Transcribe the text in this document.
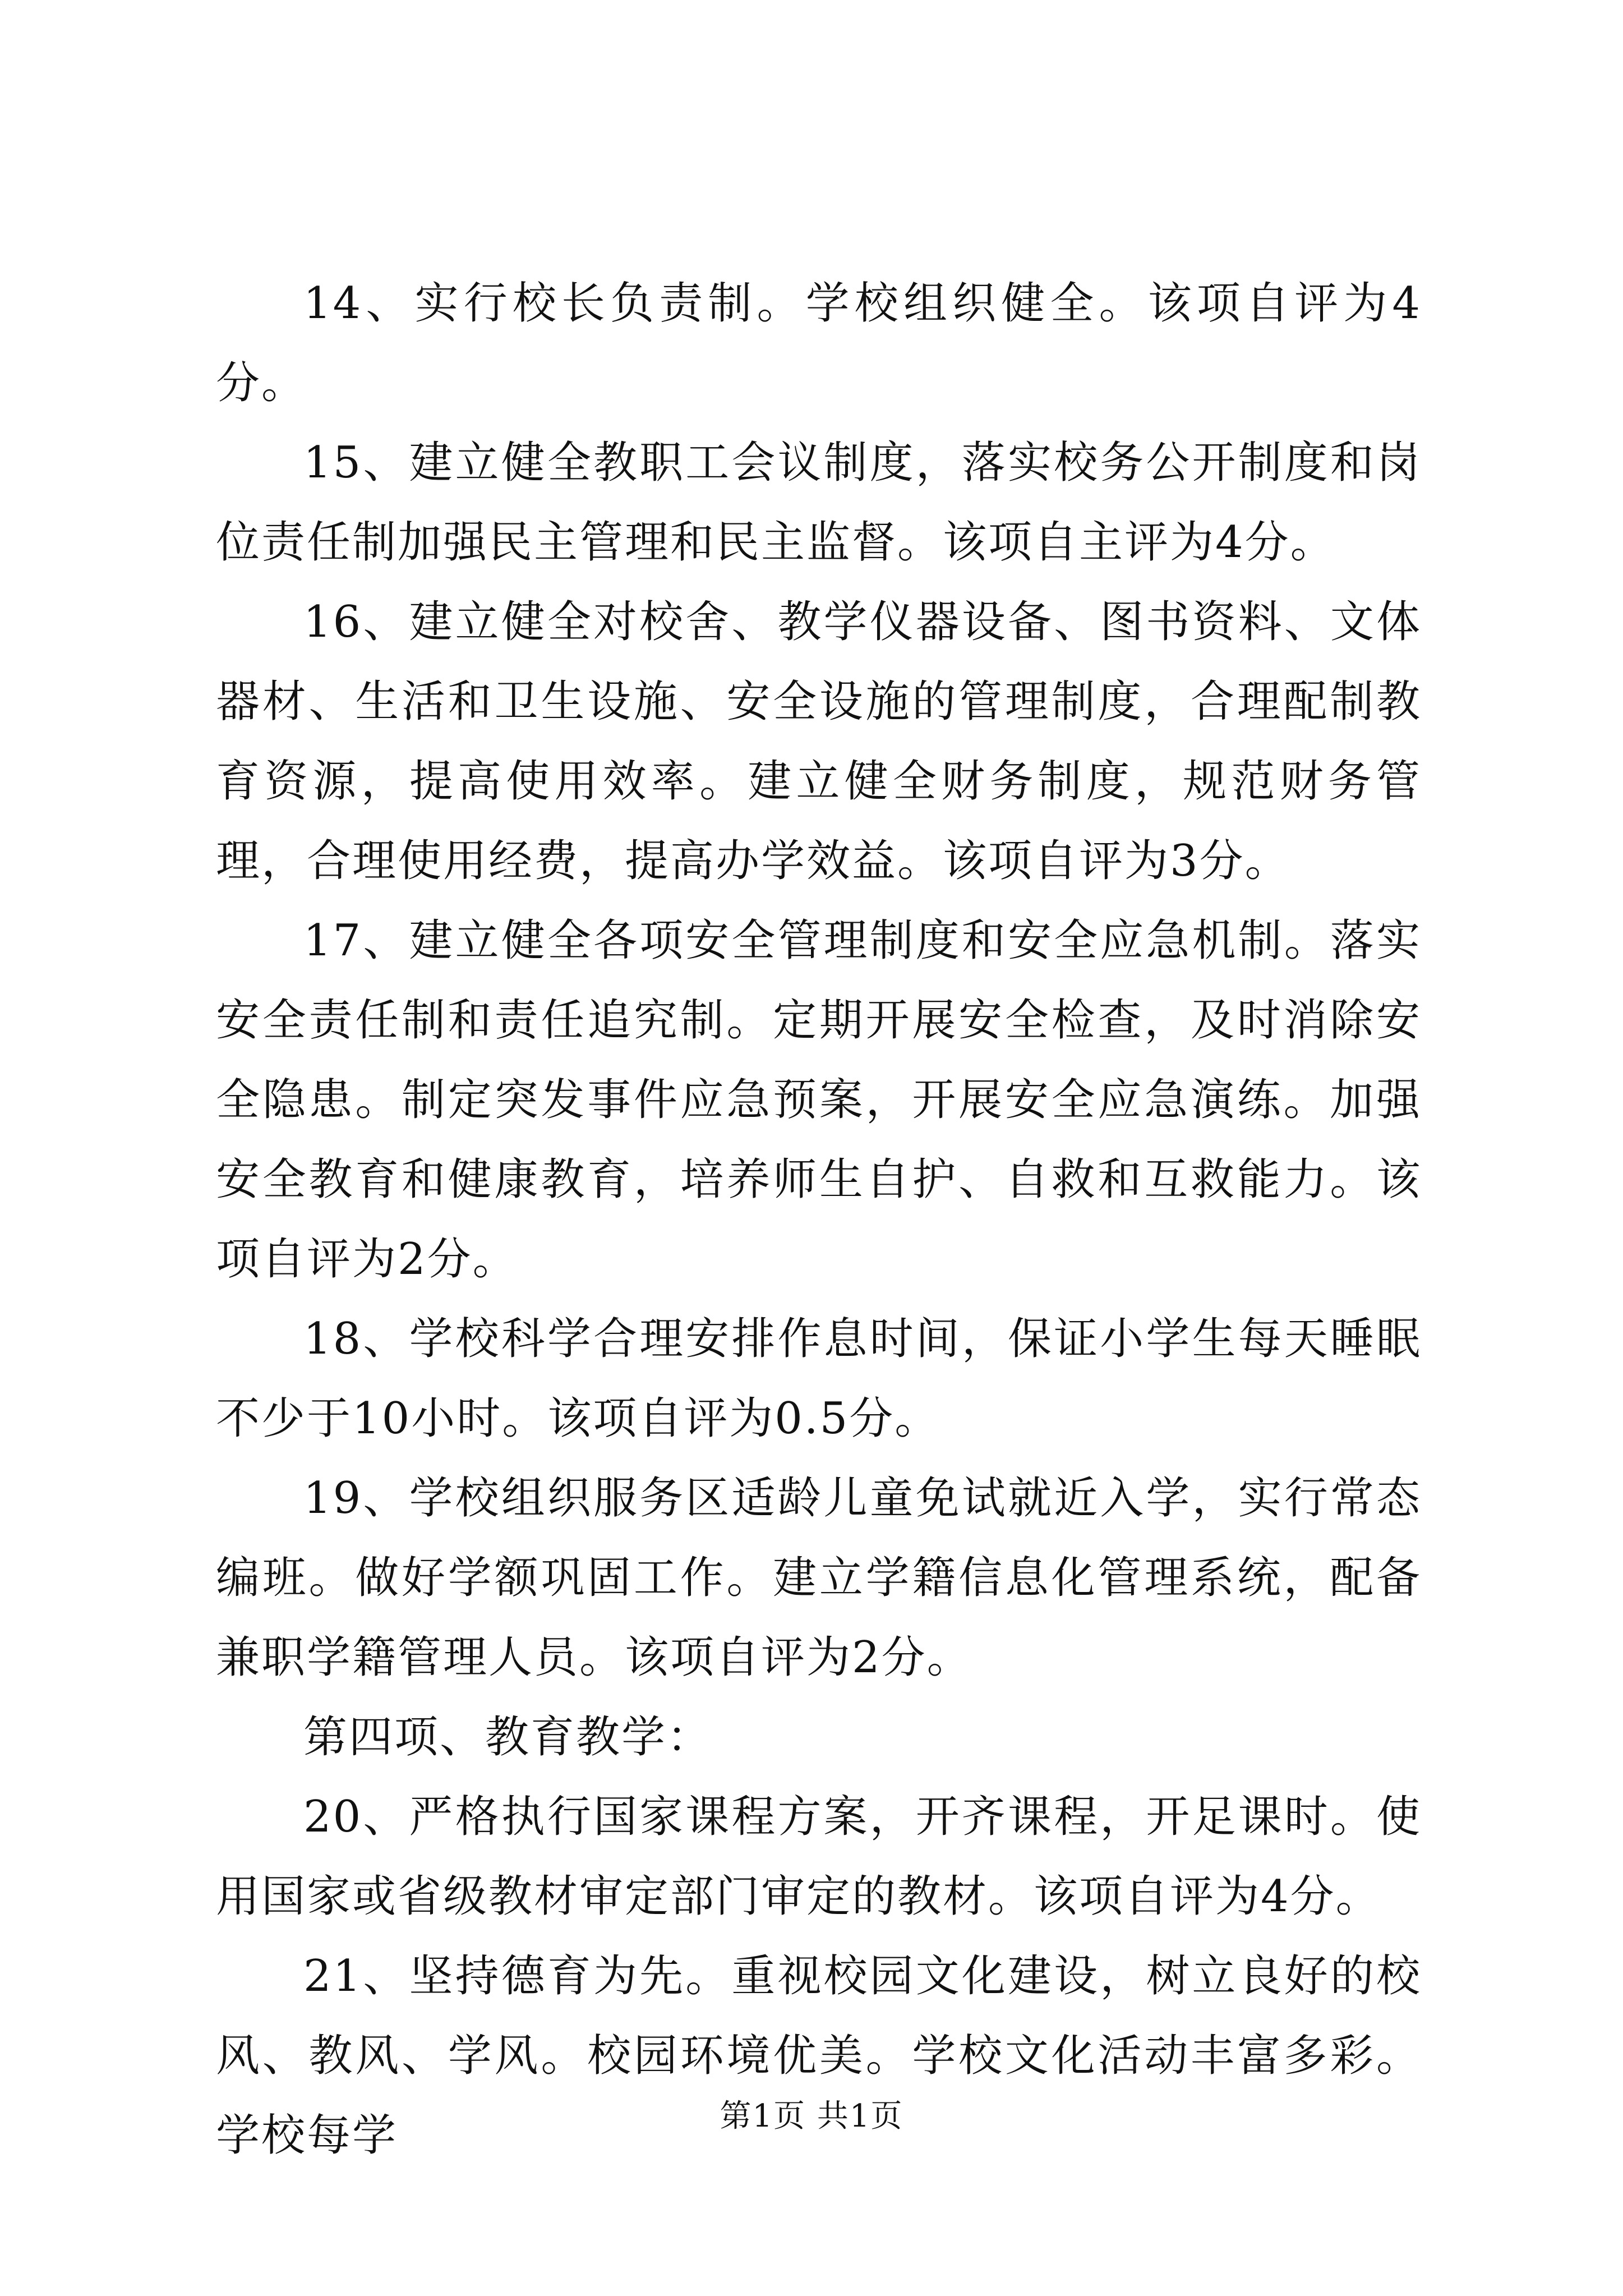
14、实行校长负责制。学校组织健全。该项自评为4分。

15、建立健全教职工会议制度，落实校务公开制度和岗位责任制加强民主管理和民主监督。该项自主评为4分。

16、建立健全对校舍、教学仪器设备、图书资料、文体器材、生活和卫生设施、安全设施的管理制度，合理配制教育资源，提高使用效率。建立健全财务制度，规范财务管理，合理使用经费，提高办学效益。该项自评为3分。

17、建立健全各项安全管理制度和安全应急机制。落实安全责任制和责任追究制。定期开展安全检查，及时消除安全隐患。制定突发事件应急预案，开展安全应急演练。加强安全教育和健康教育，培养师生自护、自救和互救能力。该项自评为2分。

18、学校科学合理安排作息时间，保证小学生每天睡眠不少于10小时。该项自评为0.5分。

19、学校组织服务区适龄儿童免试就近入学，实行常态编班。做好学额巩固工作。建立学籍信息化管理系统，配备兼职学籍管理人员。该项自评为2分。

第四项、教育教学：

20、严格执行国家课程方案，开齐课程，开足课时。使用国家或省级教材审定部门审定的教材。该项自评为4分。

21、坚持德育为先。重视校园文化建设，树立良好的校风、教风、学风。校园环境优美。学校文化活动丰富多彩。学校每学	第1页 共1页
